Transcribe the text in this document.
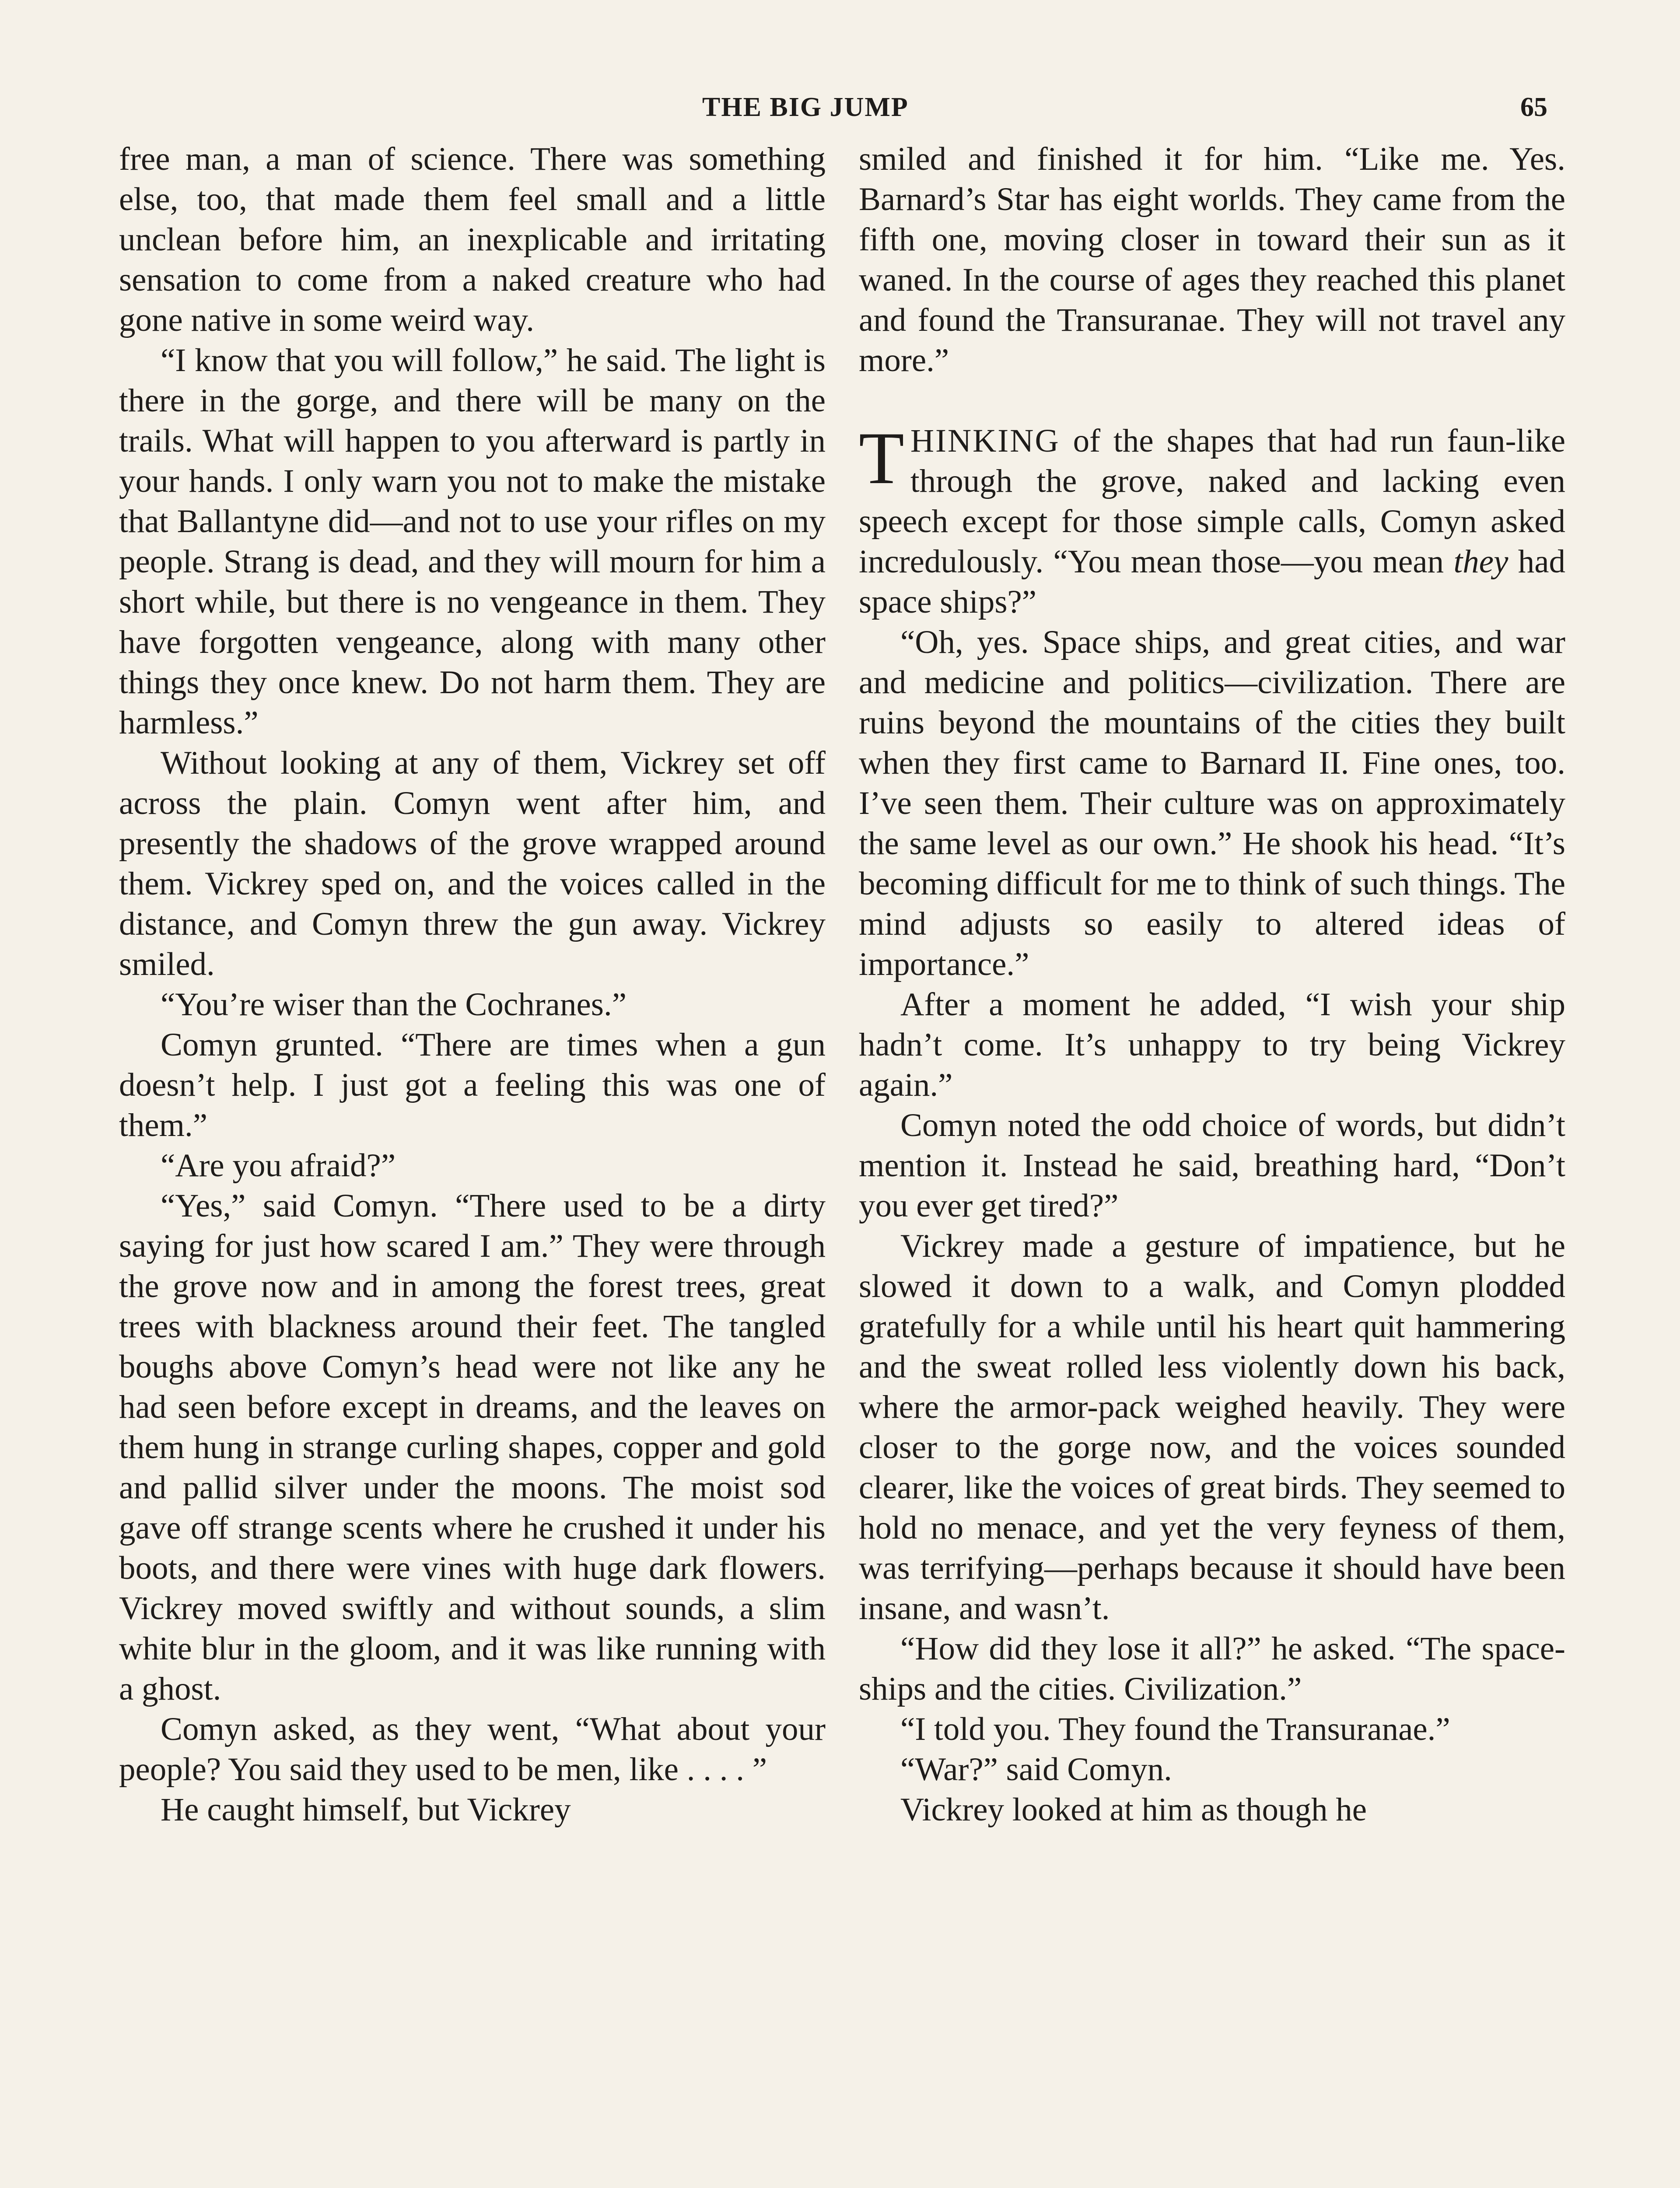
THE BIG JUMP	65

free man, a man of science. There was something else, too, that made them feel small and a little unclean before him, an inexplicable and irritating sensation to come from a naked creature who had gone native in some weird way.

“I know that you will follow,” he said. The light is there in the gorge, and there will be many on the trails. What will happen to you afterward is partly in your hands. I only warn you not to make the mistake that Ballantyne did—and not to use your rifles on my people. Strang is dead, and they will mourn for him a short while, but there is no vengeance in them. They have forgotten vengeance, along with many other things they once knew. Do not harm them. They are harmless.”

Without looking at any of them, Vickrey set off across the plain. Comyn went after him, and presently the shadows of the grove wrapped around them. Vickrey sped on, and the voices called in the distance, and Comyn threw the gun away. Vickrey smiled.

“You’re wiser than the Cochranes.”

Comyn grunted. “There are times when a gun doesn’t help. I just got a feeling this was one of them.”

“Are you afraid?”

“Yes,” said Comyn. “There used to be a dirty saying for just how scared I am.” They were through the grove now and in among the forest trees, great trees with blackness around their feet. The tangled boughs above Comyn’s head were not like any he had seen before except in dreams, and the leaves on them hung in strange curling shapes, copper and gold and pallid silver under the moons. The moist sod gave off strange scents where he crushed it under his boots, and there were vines with huge dark flowers. Vickrey moved swiftly and without sounds, a slim white blur in the gloom, and it was like running with a ghost.

Comyn asked, as they went, “What about your people? You said they used to be men, like . . . . ”

He caught himself, but Vickrey

smiled and finished it for him. “Like me. Yes. Barnard’s Star has eight worlds. They came from the fifth one, moving closer in toward their sun as it waned. In the course of ages they reached this planet and found the Transuranae. They will not travel any more.”

THINKING of the shapes that had run faun-like through the grove, naked and lacking even speech except for those simple calls, Comyn asked incredulously. “You mean those—you mean they had space ships?”

“Oh, yes. Space ships, and great cities, and war and medicine and politics—civilization. There are ruins beyond the mountains of the cities they built when they first came to Barnard II. Fine ones, too. I’ve seen them. Their culture was on approximately the same level as our own.” He shook his head. “It’s becoming difficult for me to think of such things. The mind adjusts so easily to altered ideas of importance.”

After a moment he added, “I wish your ship hadn’t come. It’s unhappy to try being Vickrey again.”

Comyn noted the odd choice of words, but didn’t mention it. Instead he said, breathing hard, “Don’t you ever get tired?”

Vickrey made a gesture of impatience, but he slowed it down to a walk, and Comyn plodded gratefully for a while until his heart quit hammering and the sweat rolled less violently down his back, where the armor-pack weighed heavily. They were closer to the gorge now, and the voices sounded clearer, like the voices of great birds. They seemed to hold no menace, and yet the very feyness of them, was terrifying—perhaps because it should have been insane, and wasn’t.

“How did they lose it all?” he asked. “The space-ships and the cities. Civilization.”

“I told you. They found the Transuranae.”

“War?” said Comyn.

Vickrey looked at him as though he
